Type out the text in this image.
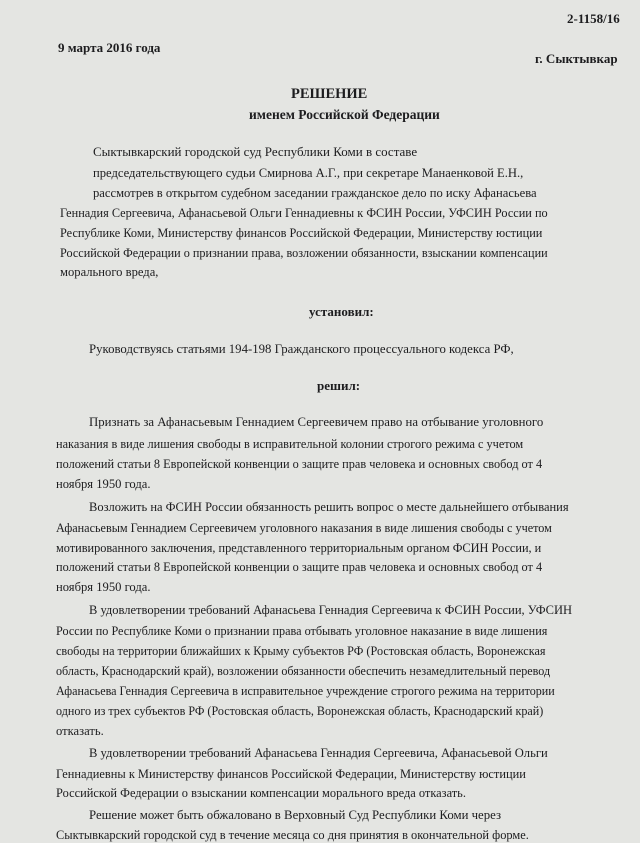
2-1158/16
9 марта 2016 года
г. Сыктывкар
РЕШЕНИЕ
именем Российской Федерации
Сыктывкарский городской суд Республики Коми в составе
председательствующего судьи Смирнова А.Г., при секретаре Манаенковой Е.Н.,
рассмотрев в открытом судебном заседании гражданское дело по иску Афанасьева
Геннадия Сергеевича, Афанасьевой Ольги Геннадиевны к ФСИН России, УФСИН России по
Республике Коми, Министерству финансов Российской Федерации, Министерству юстиции
Российской Федерации о признании права, возложении обязанности, взыскании компенсации
морального вреда,
установил:
Руководствуясь статьями 194-198 Гражданского процессуального кодекса РФ,
решил:
Признать за Афанасьевым Геннадием Сергеевичем право на отбывание уголовного
наказания в виде лишения свободы в исправительной колонии строгого режима с учетом
положений статьи 8 Европейской конвенции о защите прав человека и основных свобод от 4
ноября 1950 года.
Возложить на ФСИН России обязанность решить вопрос о месте дальнейшего отбывания
Афанасьевым Геннадием Сергеевичем уголовного наказания в виде лишения свободы с учетом
мотивированного заключения, представленного территориальным органом ФСИН России, и
положений статьи 8 Европейской конвенции о защите прав человека и основных свобод от 4
ноября 1950 года.
В удовлетворении требований Афанасьева Геннадия Сергеевича к ФСИН России, УФСИН
России по Республике Коми о признании права отбывать уголовное наказание в виде лишения
свободы на территории ближайших к Крыму субъектов РФ (Ростовская область, Воронежская
область, Краснодарский край), возложении обязанности обеспечить незамедлительный перевод
Афанасьева Геннадия Сергеевича в исправительное учреждение строгого режима на территории
одного из трех субъектов РФ (Ростовская область, Воронежская область, Краснодарский край)
отказать.
В удовлетворении требований Афанасьева Геннадия Сергеевича, Афанасьевой Ольги
Геннадиевны к Министерству финансов Российской Федерации, Министерству юстиции
Российской Федерации о взыскании компенсации морального вреда отказать.
Решение может быть обжаловано в Верховный Суд Республики Коми через
Сыктывкарский городской суд в течение месяца со дня принятия в окончательной форме.
